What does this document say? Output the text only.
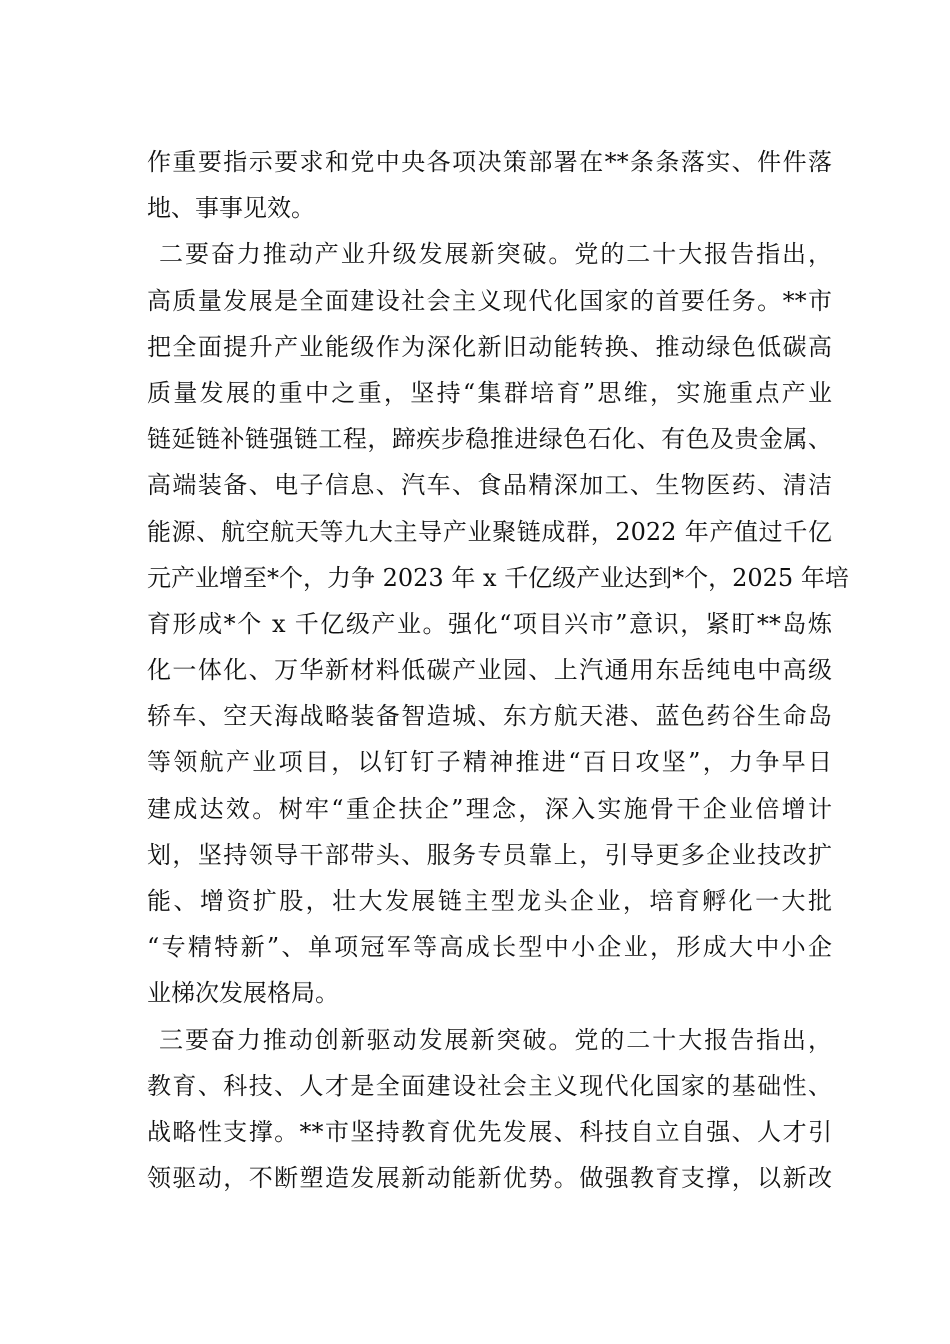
作重要指示要求和党中央各项决策部署在**条条落实、件件落
地、事事见效。
二要奋力推动产业升级发展新突破。党的二十大报告指出，
高质量发展是全面建设社会主义现代化国家的首要任务。**市
把全面提升产业能级作为深化新旧动能转换、推动绿色低碳高
质量发展的重中之重，坚持“集群培育”思维，实施重点产业
链延链补链强链工程，蹄疾步稳推进绿色石化、有色及贵金属、
高端装备、电子信息、汽车、食品精深加工、生物医药、清洁
能源、航空航天等九大主导产业聚链成群，2022 年产值过千亿
元产业增至*个，力争 2023 年 x 千亿级产业达到*个，2025 年培
育形成*个 x 千亿级产业。强化“项目兴市”意识，紧盯**岛炼
化一体化、万华新材料低碳产业园、上汽通用东岳纯电中高级
轿车、空天海战略装备智造城、东方航天港、蓝色药谷生命岛
等领航产业项目，以钉钉子精神推进“百日攻坚”，力争早日
建成达效。树牢“重企扶企”理念，深入实施骨干企业倍增计
划，坚持领导干部带头、服务专员靠上，引导更多企业技改扩
能、增资扩股，壮大发展链主型龙头企业，培育孵化一大批
“专精特新”、单项冠军等高成长型中小企业，形成大中小企
业梯次发展格局。
三要奋力推动创新驱动发展新突破。党的二十大报告指出，
教育、科技、人才是全面建设社会主义现代化国家的基础性、
战略性支撑。**市坚持教育优先发展、科技自立自强、人才引
领驱动，不断塑造发展新动能新优势。做强教育支撑，以新改
